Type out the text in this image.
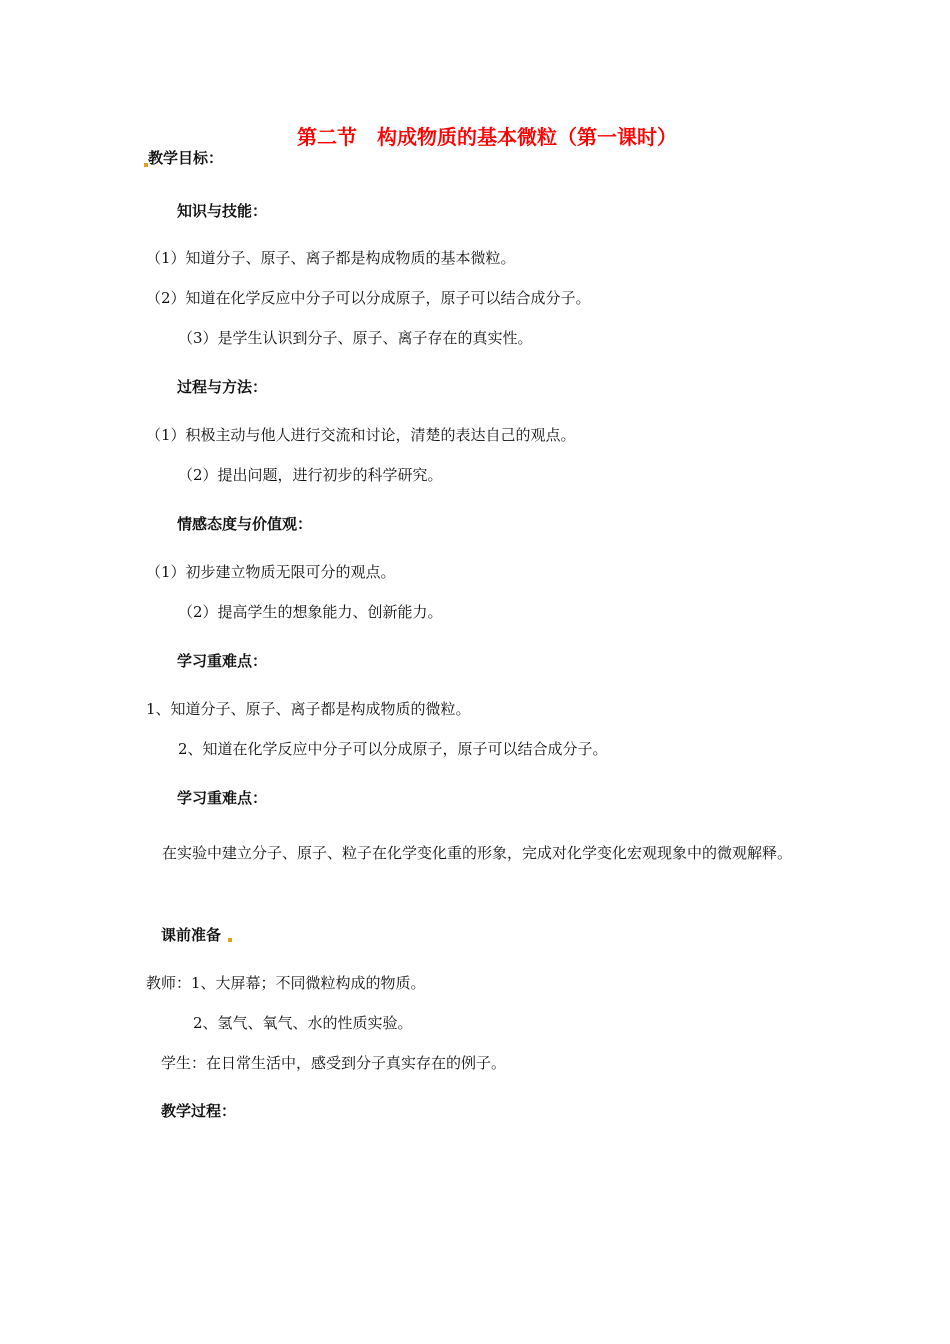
第二节　构成物质的基本微粒（第一课时）
教学目标：
知识与技能：
（1）知道分子、原子、离子都是构成物质的基本微粒。
（2）知道在化学反应中分子可以分成原子，原子可以结合成分子。
（3）是学生认识到分子、原子、离子存在的真实性。
过程与方法：
（1）积极主动与他人进行交流和讨论，清楚的表达自己的观点。
（2）提出问题，进行初步的科学研究。
情感态度与价值观：
（1）初步建立物质无限可分的观点。
（2）提高学生的想象能力、创新能力。
学习重难点：
1、知道分子、原子、离子都是构成物质的微粒。
2、知道在化学反应中分子可以分成原子，原子可以结合成分子。
学习重难点：
在实验中建立分子、原子、粒子在化学变化重的形象，完成对化学变化宏观现象中的微观解释。
课前准备
教师：1、大屏幕；不同微粒构成的物质。
2、氢气、氧气、水的性质实验。
学生：在日常生活中，感受到分子真实存在的例子。
教学过程：
